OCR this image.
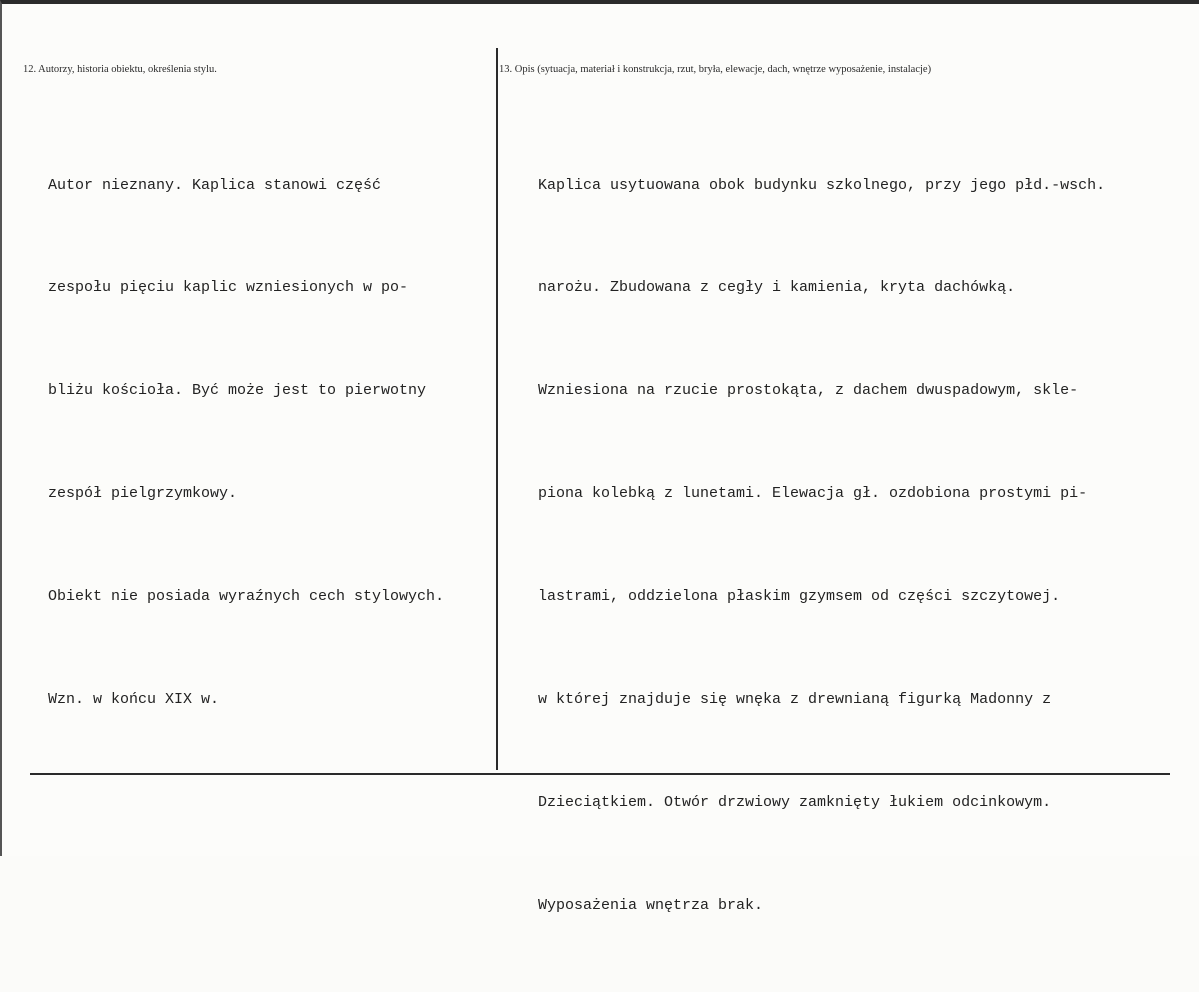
12. Autorzy, historia obiektu, określenia stylu.	13. Opis (sytuacja, materiał i konstrukcja, rzut, bryła, elewacje, dach, wnętrze wyposażenie, instalacje)

Autor nieznany. Kaplica stanowi część

zespołu pięciu kaplic wzniesionych w po-

bliżu kościoła. Być może jest to pierwotny

zespół pielgrzymkowy.

Obiekt nie posiada wyraźnych cech stylowych.

Wzn. w końcu XIX w.

Kaplica usytuowana obok budynku szkolnego, przy jego płd.-wsch.

narożu. Zbudowana z cegły i kamienia, kryta dachówką.

Wzniesiona na rzucie prostokąta, z dachem dwuspadowym, skle-

piona kolebką z lunetami. Elewacja gł. ozdobiona prostymi pi-

lastrami, oddzielona płaskim gzymsem od części szczytowej.

w której znajduje się wnęka z drewnianą figurką Madonny z

Dzieciątkiem. Otwór drzwiowy zamknięty łukiem odcinkowym.

Wyposażenia wnętrza brak.
